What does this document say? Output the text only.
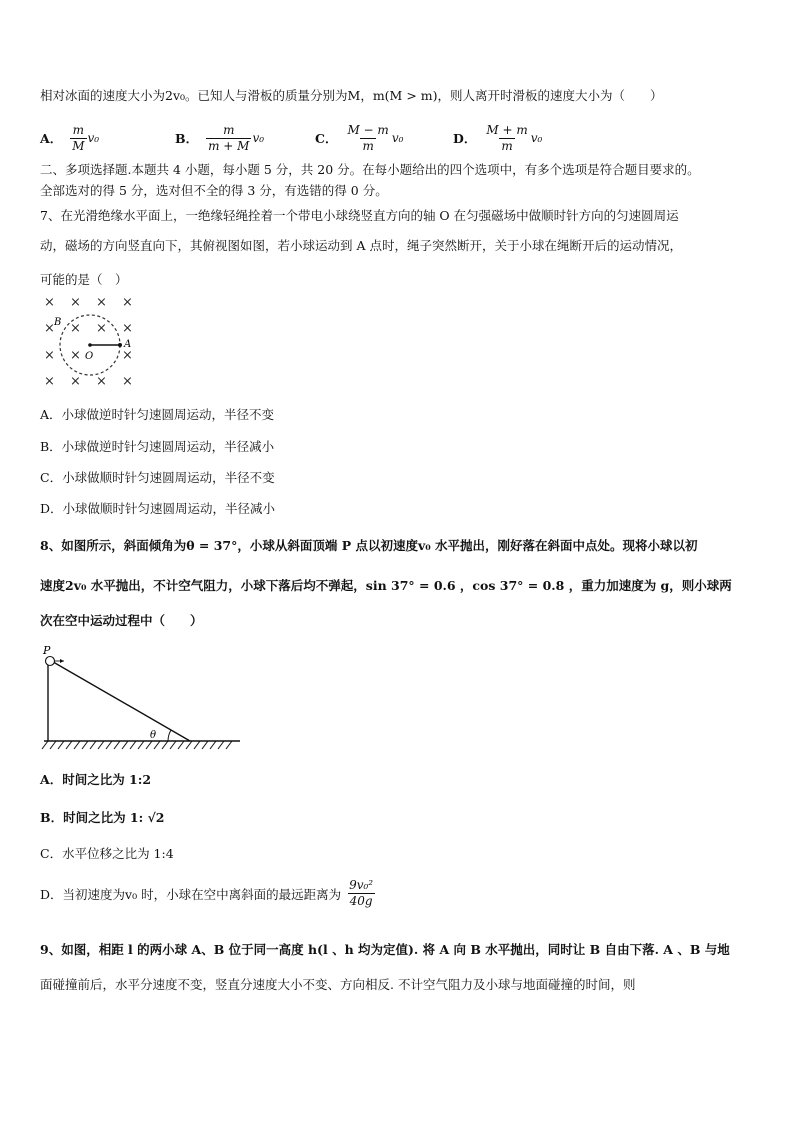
相对冰面的速度大小为2v₀。已知人与滑板的质量分别为M，m(M > m)，则人离开时滑板的速度大小为（　　）
A． $\frac{m}{M} v_0$	B． $\frac{m}{m + M} v_0$	C． $\frac{M - m}{m} v_0$	D． $\frac{M + m}{m} v_0$
二、多项选择题.本题共 4 小题，每小题 5 分，共 20 分。在每小题给出的四个选项中，有多个选项是符合题目要求的。
全部选对的得 5 分，选对但不全的得 3 分，有选错的得 0 分。
7、在光滑绝缘水平面上，一绝缘轻绳拴着一个带电小球绕竖直方向的轴 O 在匀强磁场中做顺时针方向的匀速圆周运
动，磁场的方向竖直向下，其俯视图如图，若小球运动到 A 点时，绳子突然断开，关于小球在绳断开后的运动情况，
可能的是（　）
× × × ×
× × × ×
× ×	×
× × × ×
B
O
A
A．小球做逆时针匀速圆周运动，半径不变
B．小球做逆时针匀速圆周运动，半径减小
C．小球做顺时针匀速圆周运动，半径不变
D．小球做顺时针匀速圆周运动，半径减小
8、如图所示，斜面倾角为θ = 37°，小球从斜面顶端 P 点以初速度v₀ 水平抛出，刚好落在斜面中点处。现将小球以初
速度2v₀ 水平抛出，不计空气阻力，小球下落后均不弹起，sin 37° = 0.6 ，cos 37° = 0.8 ，重力加速度为 g，则小球两
次在空中运动过程中（　　）
P
θ
A．时间之比为 1:2
B．时间之比为 1: √2
C．水平位移之比为 1:4
D．当初速度为v₀ 时，小球在空中离斜面的最远距离为 $\frac{\text{9v₀²}}{40g}$
9、如图，相距 l 的两小球 A、B 位于同一高度 h(l 、h 均为定值). 将 A 向 B 水平抛出，同时让 B 自由下落. A 、B 与地
面碰撞前后，水平分速度不变，竖直分速度大小不变、方向相反. 不计空气阻力及小球与地面碰撞的时间，则
